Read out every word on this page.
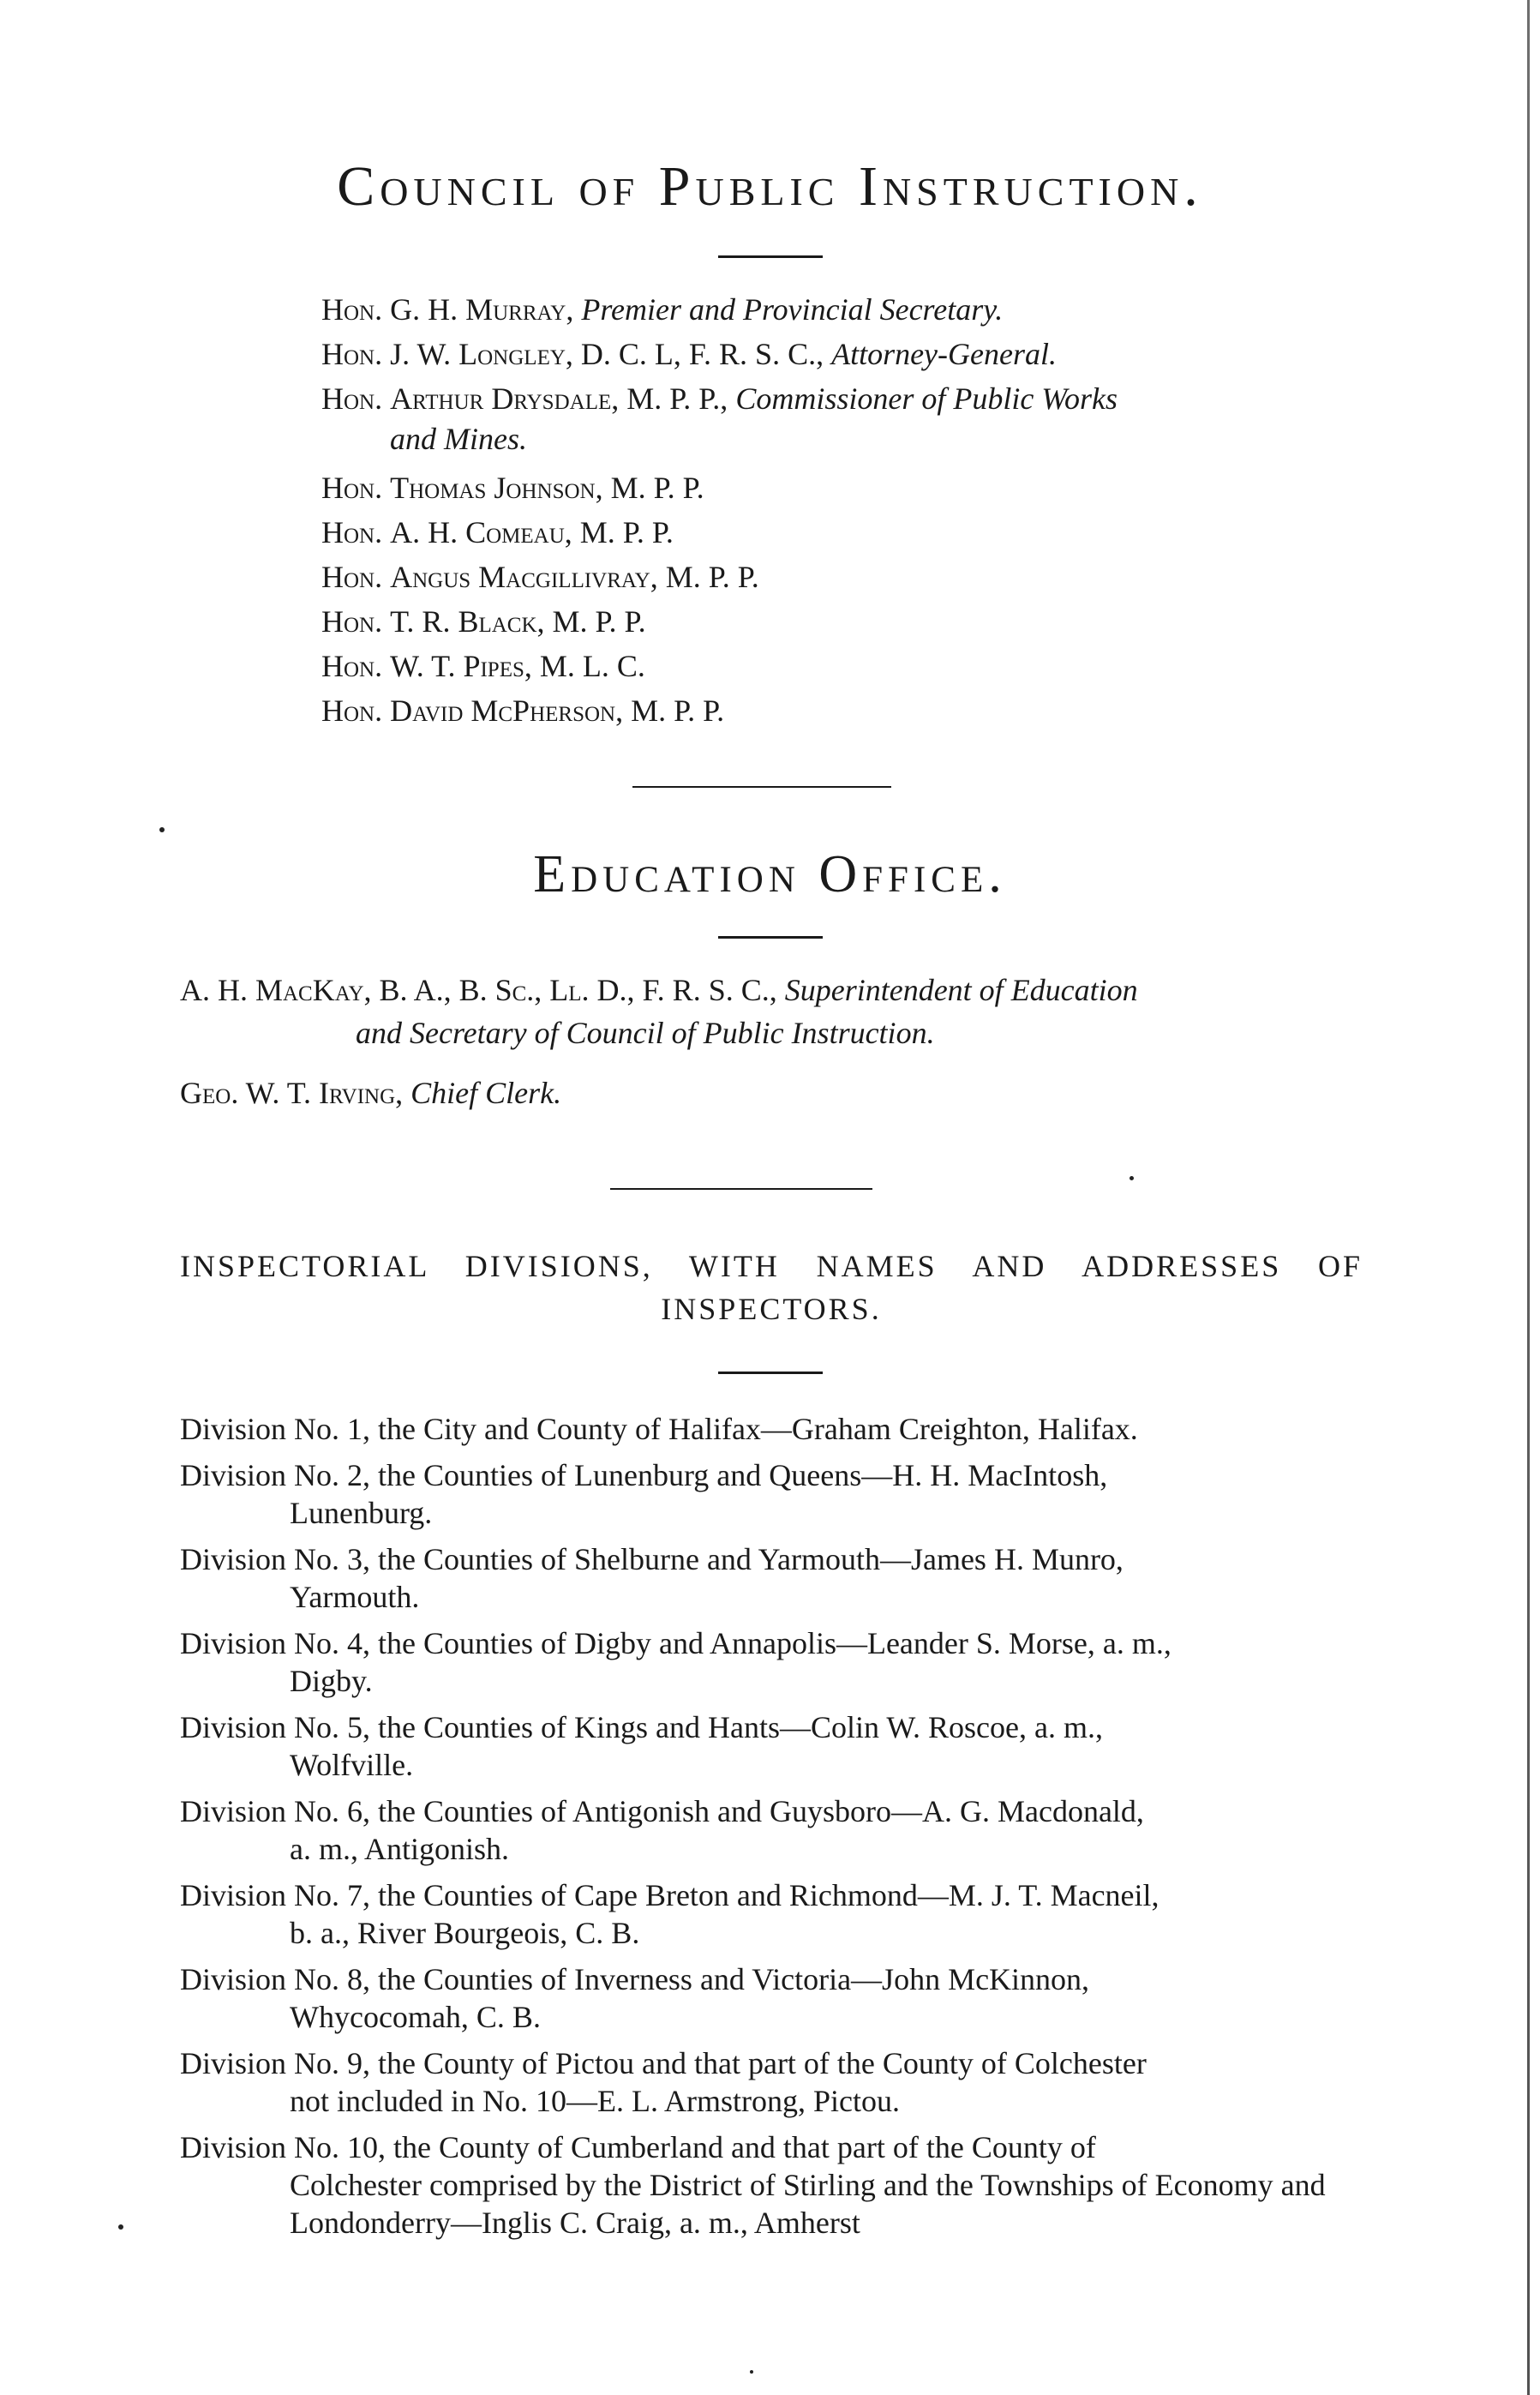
Council of Public Instruction.
Hon. G. H. Murray, Premier and Provincial Secretary.
Hon. J. W. Longley, D. C. L, F. R. S. C., Attorney-General.
Hon. Arthur Drysdale, M. P. P., Commissioner of Public Works
and Mines.
Hon. Thomas Johnson, M. P. P.
Hon. A. H. Comeau, M. P. P.
Hon. Angus Macgillivray, M. P. P.
Hon. T. R. Black, M. P. P.
Hon. W. T. Pipes, M. L. C.
Hon. David McPherson, M. P. P.
Education Office.
A. H. MacKay, B. A., B. Sc., Ll. D., F. R. S. C., Superintendent of Education
and Secretary of Council of Public Instruction.
Geo. W. T. Irving, Chief Clerk.
INSPECTORIAL DIVISIONS, WITH NAMES AND ADDRESSES OF INSPECTORS.
Division No. 1, the City and County of Halifax—Graham Creighton, Halifax.
Division No. 2, the Counties of Lunenburg and Queens—H. H. MacIntosh,
Lunenburg.
Division No. 3, the Counties of Shelburne and Yarmouth—James H. Munro,
Yarmouth.
Division No. 4, the Counties of Digby and Annapolis—Leander S. Morse, a. m.,
Digby.
Division No. 5, the Counties of Kings and Hants—Colin W. Roscoe, a. m.,
Wolfville.
Division No. 6, the Counties of Antigonish and Guysboro—A. G. Macdonald,
a. m., Antigonish.
Division No. 7, the Counties of Cape Breton and Richmond—M. J. T. Macneil,
b. a., River Bourgeois, C. B.
Division No. 8, the Counties of Inverness and Victoria—John McKinnon,
Whycocomah, C. B.
Division No. 9, the County of Pictou and that part of the County of Colchester
not included in No. 10—E. L. Armstrong, Pictou.
Division No. 10, the County of Cumberland and that part of the County of
Colchester comprised by the District of Stirling and the Townships of Economy and Londonderry—Inglis C. Craig, a. m., Amherst
